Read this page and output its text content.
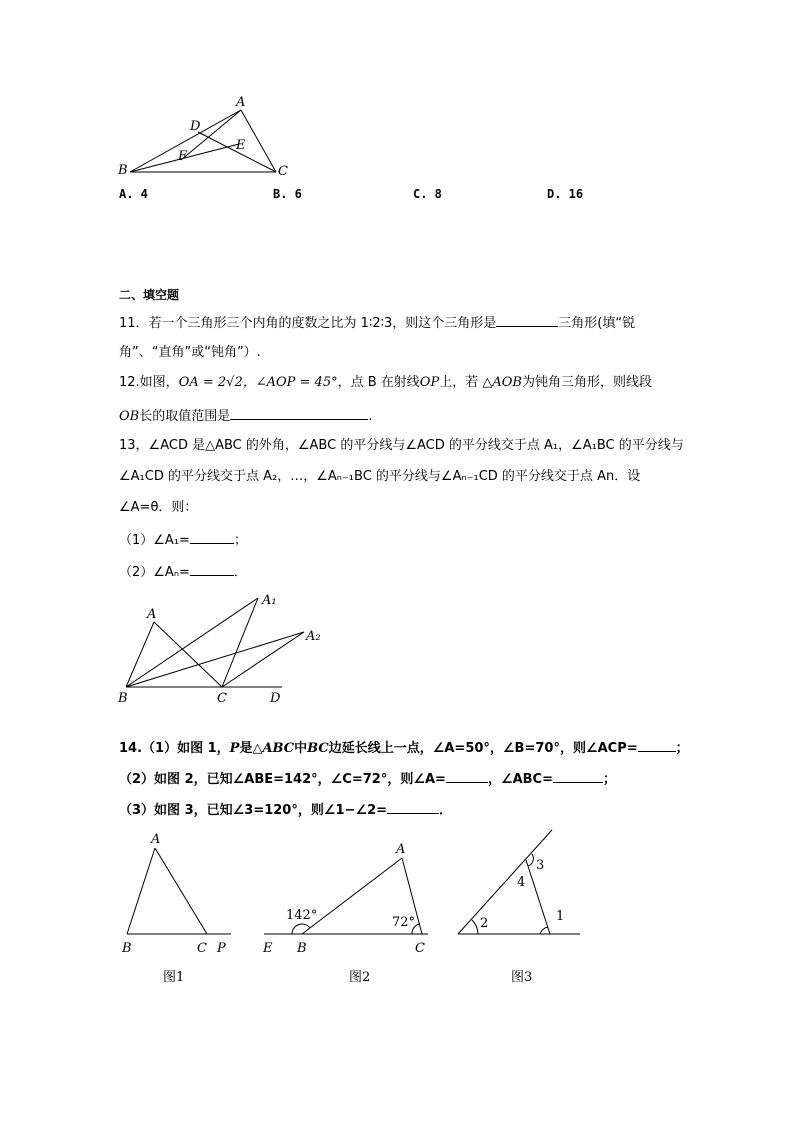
A
B	C
D
E
F
A. 4	B. 6	C. 8	D. 16
二、填空题
11．若一个三角形三个内角的度数之比为 1∶2∶3，则这个三角形是	三角形(填“锐
角”、“直角”或“钝角”）.
12.如图，OA = 2√2，∠AOP = 45°，点 B 在射线OP上，若 △AOB为钝角三角形，则线段
OB长的取值范围是	.
13，∠ACD 是△ABC 的外角，∠ABC 的平分线与∠ACD 的平分线交于点 A₁，∠A₁BC 的平分线与
∠A₁CD 的平分线交于点 A₂，…，∠Aₙ₋₁BC 的平分线与∠Aₙ₋₁CD 的平分线交于点 An．设
∠A=θ．则：
（1）∠A₁=	；
（2）∠Aₙ=	．
A
A₁
A₂
B	C	D
14.（1）如图 1，P是△ABC中BC边延长线上一点，∠A=50°，∠B=70°，则∠ACP=	；
（2）如图 2，已知∠ABE=142°，∠C=72°，则∠A=	，∠ABC=	；
（3）如图 3，已知∠3=120°，则∠1−∠2=	．
A
B	C P
图1
A
B	C
E
142°	72°
图2
2	1
3
4
图3
